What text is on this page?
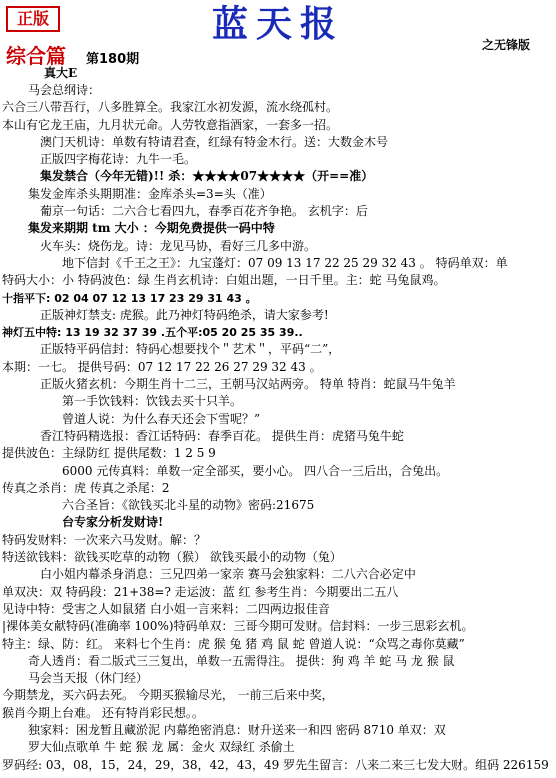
正版	蓝天报	之无锋版
综合篇 第180期
真大E
马会总纲诗：
六合三八带吾行，八多胜算全。我家江水初发源，流水绕孤村。
本山有它龙王庙，九月状元命。人劳牧意指酒家，一套多一招。
澳门天机诗：单数有特请君查，红绿有特金木行。送：大数金木号
正版四字梅花诗：九牛一毛。
集发禁合（今年无错)!! 杀：★★★★07★★★★（开==准）
集发金库杀头期期准：金库杀头=3=头（准）
葡京一句话：二六合七看四九，春季百花齐争艳。 玄机字：后
集发来期期 tm 大小 ：今期免费提供一码中特
火车头：烧伤龙。诗：龙见马协，看好三几多中游。
地下信封《千王之王》：九宝蓬灯：07 09 13 17 22 25 29 32 43 。 特码单双：单
特码大小：小 特码波色：绿 生肖玄机诗：白姐出题，一日千里。主：蛇 马兔鼠鸡。
十指平下: 02 04 07 12 13 17 23 29 31 43 。
正版神灯禁支: 虎猴。此乃神灯特码绝杀，请大家参考!
神灯五中特: 13 19 32 37 39 .五个平:05 20 25 35 39..
正版特平码信封：特码心想要找个＂艺术＂，平码“二”，
本期：一七。 提供号码：07 12 17 22 26 27 29 32 43 。
正版火猪玄机：今期生肖十二三，王朝马汉站两旁。 特单 特肖：蛇鼠马牛兔羊
第一手饮钱料：饮钱去买十只羊。
曾道人说：为什么春天还会下雪呢？”
香江特码精选报：香江话特码：春季百花。 提供生肖：虎猪马兔牛蛇
提供波色：主绿防红 提供尾数：1 2 5 9
6000 元传真料：单数一定全部买，要小心。 四八合一三后出，合兔出。
传真之杀肖：虎 传真之杀尾：2
六合圣旨：《欲钱买北斗星的动物》密码:21675
台专家分析发财诗!
特码发财料：一次来六马发财。解：？
特送欲钱料：欲钱买吃草的动物（猴） 欲钱买最小的动物（兔）
白小姐内幕杀身消息：三兄四弟一家亲 赛马会独家料：二八六合必定中
单双决：双 特码段：21+38=? 走运波：蓝 红 参考生肖：今期要出二五八
见诗中特：受害之人如鼠猪 白小姐一言来料：二四两边报佳音
|裸体美女献特码(准确率 100%)特码单双：三哥今期可发财。信封料：一步三思彩玄机。
特主：绿、防：红。 来料七个生肖：虎 猴 兔 猪 鸡 鼠 蛇 曾道人说：“众骂之毒你莫藏”
奇人透肖：看二版式三三复出，单数一五需得注。 提供：狗 鸡 羊 蛇 马 龙 猴 鼠
马会当天报（休门经）
今期禁龙，买六码去死。 今期买猴输尽光， 一前三后来中奖，
猴肖今期上台难。 还有特肖彩民想。。
独家料：困龙暂且藏淤泥 内幕绝密消息：财升送来一和四 密码 8710 单双：双
罗大仙点歌单 牛 蛇 猴 龙 属：金火 双绿红 杀偷土
罗码经: 03，08，15，24，29，38，42，43，49 罗先生留言：八来二来三七发大财。组码 226159
